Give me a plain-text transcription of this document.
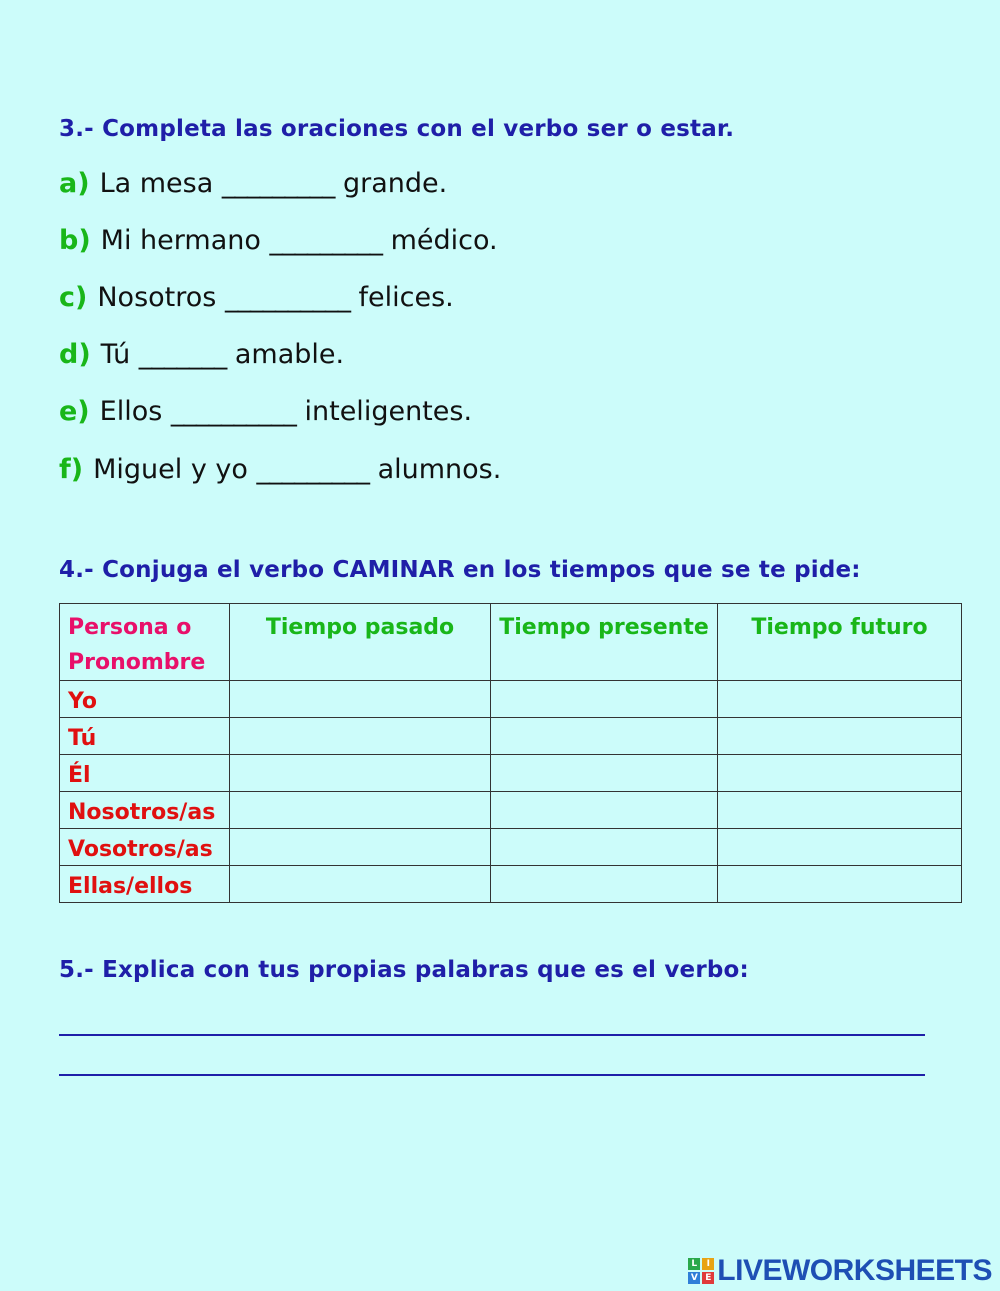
3.- Completa las oraciones con el verbo ser o estar.
a) La mesa _________ grande.
b) Mi hermano _________ médico.
c) Nosotros __________ felices.
d) Tú _______ amable.
e) Ellos __________ inteligentes.
f) Miguel y yo _________ alumnos.
4.- Conjuga el verbo CAMINAR en los tiempos que se te pide:
Persona o Pronombre	Tiempo pasado	Tiempo presente	Tiempo futuro
Yo			
Tú			
Él			
Nosotros/as			
Vosotros/as			
Ellas/ellos			
5.- Explica con tus propias palabras que es el verbo:
L	I
V E LIVEWORKSHEETS
